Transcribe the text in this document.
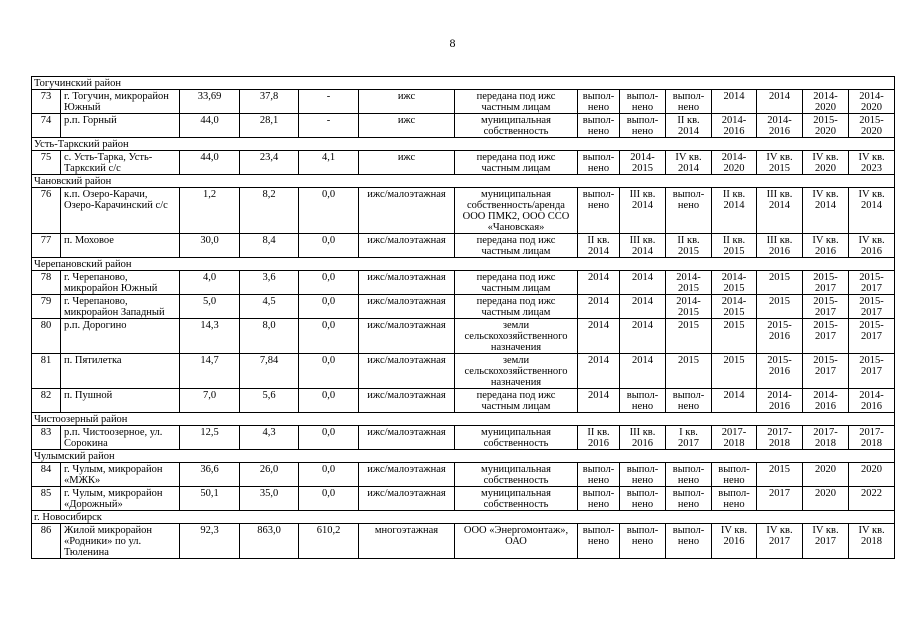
8
Тогучинский район													
73	г. Тогучин, микрорайон Южный	33,69	37,8	-	ижс	передана под ижс частным лицам	выпол-нено	выпол-нено	выпол-нено	2014	2014	2014-2020	2014-2020
74	р.п. Горный	44,0	28,1	-	ижс	муниципальная собственность	выпол-нено	выпол-нено	II кв. 2014	2014-2016	2014-2016	2015-2020	2015-2020
Усть-Таркский район													
75	с. Усть-Тарка, Усть-Таркский с/с	44,0	23,4	4,1	ижс	передана под ижс частным лицам	выпол-нено	2014-2015	IV кв. 2014	2014-2020	IV кв. 2015	IV кв. 2020	IV кв. 2023
Чановский район													
76	к.п. Озеро-Карачи, Озеро-Карачинский с/с	1,2	8,2	0,0	ижс/малоэтажная	муниципальная собственность/аренда ООО ПМК2, ООО ССО «Чановская»	выпол-нено	III кв. 2014	выпол-нено	II кв. 2014	III кв. 2014	IV кв. 2014	IV кв. 2014
77	п. Моховое	30,0	8,4	0,0	ижс/малоэтажная	передана под ижс частным лицам	II кв. 2014	III кв. 2014	II кв. 2015	II кв. 2015	III кв. 2016	IV кв. 2016	IV кв. 2016
Черепановский район													
78	г. Черепаново, микрорайон Южный	4,0	3,6	0,0	ижс/малоэтажная	передана под ижс частным лицам	2014	2014	2014-2015	2014-2015	2015	2015-2017	2015-2017
79	г. Черепаново, микрорайон Западный	5,0	4,5	0,0	ижс/малоэтажная	передана под ижс частным лицам	2014	2014	2014-2015	2014-2015	2015	2015-2017	2015-2017
80	р.п. Дорогино	14,3	8,0	0,0	ижс/малоэтажная	земли сельскохозяйственного назначения	2014	2014	2015	2015	2015-2016	2015-2017	2015-2017
81	п. Пятилетка	14,7	7,84	0,0	ижс/малоэтажная	земли сельскохозяйственного назначения	2014	2014	2015	2015	2015-2016	2015-2017	2015-2017
82	п. Пушной	7,0	5,6	0,0	ижс/малоэтажная	передана под ижс частным лицам	2014	выпол-нено	выпол-нено	2014	2014-2016	2014-2016	2014-2016
Чистоозерный район													
83	р.п. Чистоозерное, ул. Сорокина	12,5	4,3	0,0	ижс/малоэтажная	муниципальная собственность	II кв. 2016	III кв. 2016	I кв. 2017	2017-2018	2017-2018	2017-2018	2017-2018
Чулымский район													
84	г. Чулым, микрорайон «МЖК»	36,6	26,0	0,0	ижс/малоэтажная	муниципальная собственность	выпол-нено	выпол-нено	выпол-нено	выпол-нено	2015	2020	2020
85	г. Чулым, микрорайон «Дорожный»	50,1	35,0	0,0	ижс/малоэтажная	муниципальная собственность	выпол-нено	выпол-нено	выпол-нено	выпол-нено	2017	2020	2022
г. Новосибирск													
86	Жилой микрорайон «Родники» по ул. Тюленина	92,3	863,0	610,2	многоэтажная	ООО «Энергомонтаж», ОАО	выпол-нено	выпол-нено	выпол-нено	IV кв. 2016	IV кв. 2017	IV кв. 2017	IV кв. 2018
